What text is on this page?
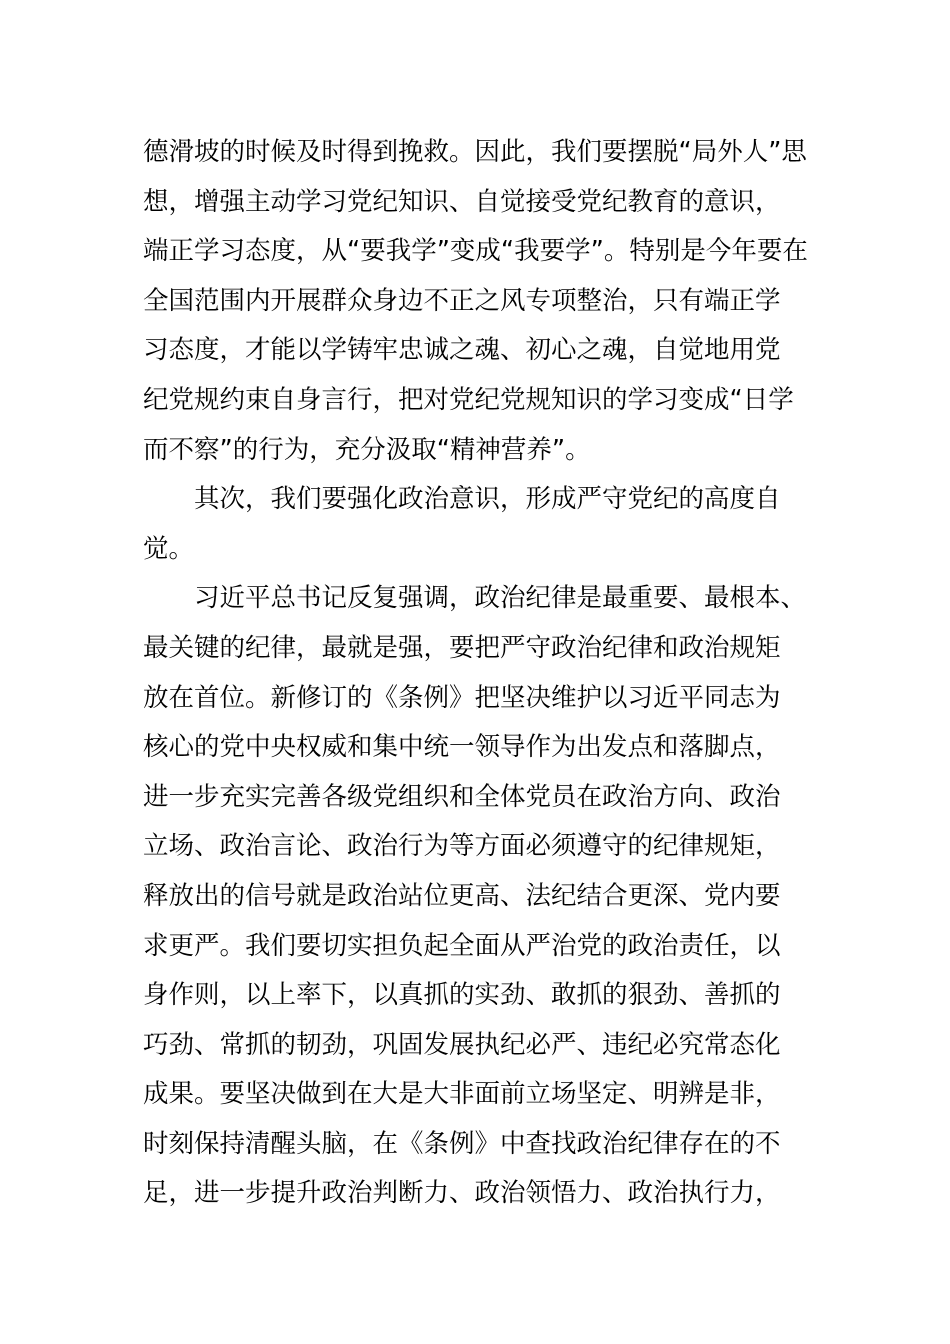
德滑坡的时候及时得到挽救。因此，我们要摆脱“局外人”思
想，增强主动学习党纪知识、自觉接受党纪教育的意识，
端正学习态度，从“要我学”变成“我要学”。特别是今年要在
全国范围内开展群众身边不正之风专项整治，只有端正学
习态度，才能以学铸牢忠诚之魂、初心之魂，自觉地用党
纪党规约束自身言行，把对党纪党规知识的学习变成“日学
而不察”的行为，充分汲取“精神营养”。
其次，我们要强化政治意识，形成严守党纪的高度自
觉。
习近平总书记反复强调，政治纪律是最重要、最根本、
最关键的纪律，最就是强，要把严守政治纪律和政治规矩
放在首位。新修订的《条例》把坚决维护以习近平同志为
核心的党中央权威和集中统一领导作为出发点和落脚点，
进一步充实完善各级党组织和全体党员在政治方向、政治
立场、政治言论、政治行为等方面必须遵守的纪律规矩，
释放出的信号就是政治站位更高、法纪结合更深、党内要
求更严。我们要切实担负起全面从严治党的政治责任，以
身作则，以上率下，以真抓的实劲、敢抓的狠劲、善抓的
巧劲、常抓的韧劲，巩固发展执纪必严、违纪必究常态化
成果。要坚决做到在大是大非面前立场坚定、明辨是非，
时刻保持清醒头脑，在《条例》中查找政治纪律存在的不
足，进一步提升政治判断力、政治领悟力、政治执行力，
